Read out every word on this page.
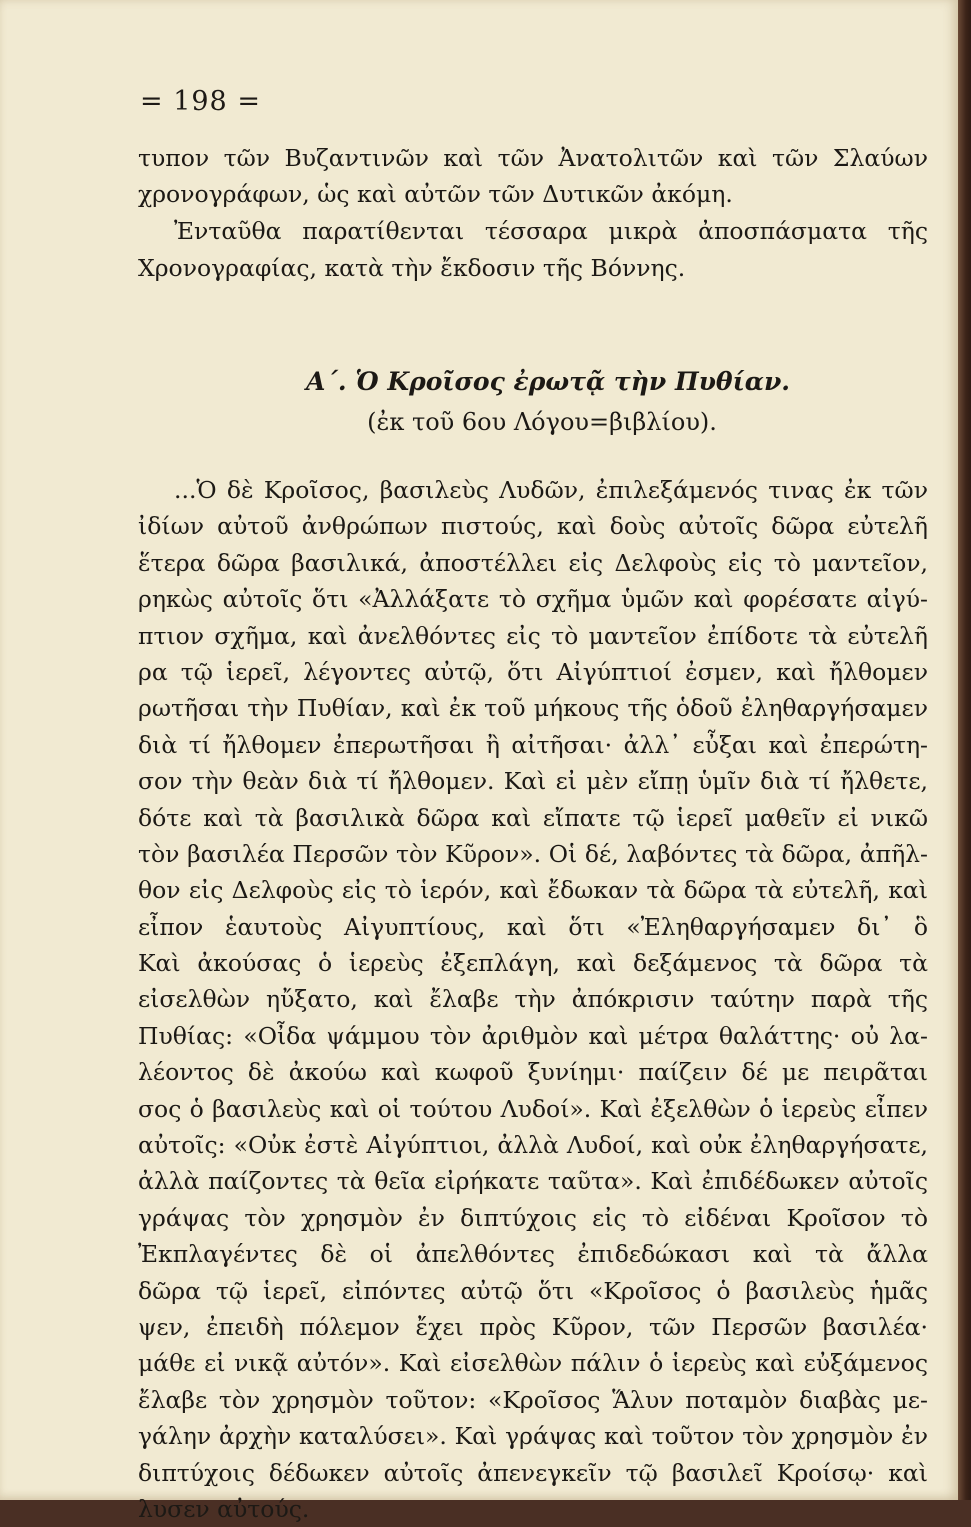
= 198 =
τυπον τῶν Βυζαντινῶν καὶ τῶν Ἀνατολιτῶν καὶ τῶν Σλαύων
χρονογράφων, ὡς καὶ αὐτῶν τῶν Δυτικῶν ἀκόμη.
Ἐνταῦθα παρατίθενται τέσσαρα μικρὰ ἀποσπάσματα τῆς
Χρονογραφίας, κατὰ τὴν ἔκδοσιν τῆς Βόννης.
Α΄. Ὁ Κροῖσος ἐρωτᾷ τὴν Πυθίαν.
(ἐκ τοῦ 6ου Λόγου=βιβλίου).
...Ὁ δὲ Κροῖσος, βασιλεὺς Λυδῶν, ἐπιλεξάμενός τινας ἐκ τῶν
ἰδίων αὐτοῦ ἀνθρώπων πιστούς, καὶ δοὺς αὐτοῖς δῶρα εὐτελῆ
ἕτερα δῶρα βασιλικά, ἀποστέλλει εἰς Δελφοὺς εἰς τὸ μαντεῖον,
ρηκὼς αὐτοῖς ὅτι «Ἀλλάξατε τὸ σχῆμα ὑμῶν καὶ φορέσατε αἰγύ-
πτιον σχῆμα, καὶ ἀνελθόντες εἰς τὸ μαντεῖον ἐπίδοτε τὰ εὐτελῆ
ρα τῷ ἱερεῖ, λέγοντες αὐτῷ, ὅτι Αἰγύπτιοί ἐσμεν, καὶ ἤλθομεν
ρωτῆσαι τὴν Πυθίαν, καὶ ἐκ τοῦ μήκους τῆς ὁδοῦ ἐληθαργήσαμεν
διὰ τί ἤλθομεν ἐπερωτῆσαι ἢ αἰτῆσαι· ἀλλ᾽ εὖξαι καὶ ἐπερώτη-
σον τὴν θεὰν διὰ τί ἤλθομεν. Καὶ εἰ μὲν εἴπῃ ὑμῖν διὰ τί ἤλθετε,
δότε καὶ τὰ βασιλικὰ δῶρα καὶ εἴπατε τῷ ἱερεῖ μαθεῖν εἰ νικῶ
τὸν βασιλέα Περσῶν τὸν Κῦρον». Οἱ δέ, λαβόντες τὰ δῶρα, ἀπῆλ-
θον εἰς Δελφοὺς εἰς τὸ ἱερόν, καὶ ἔδωκαν τὰ δῶρα τὰ εὐτελῆ, καὶ
εἶπον ἑαυτοὺς Αἰγυπτίους, καὶ ὅτι «Ἐληθαργήσαμεν δι᾽ ὃ
Καὶ ἀκούσας ὁ ἱερεὺς ἐξεπλάγη, καὶ δεξάμενος τὰ δῶρα τὰ
εἰσελθὼν ηὔξατο, καὶ ἔλαβε τὴν ἀπόκρισιν ταύτην παρὰ τῆς
Πυθίας: «Οἶδα ψάμμου τὸν ἀριθμὸν καὶ μέτρα θαλάττης· οὐ λα-
λέοντος δὲ ἀκούω καὶ κωφοῦ ξυνίημι· παίζειν δέ με πειρᾶται
σος ὁ βασιλεὺς καὶ οἱ τούτου Λυδοί». Καὶ ἐξελθὼν ὁ ἱερεὺς εἶπεν
αὐτοῖς: «Οὐκ ἐστὲ Αἰγύπτιοι, ἀλλὰ Λυδοί, καὶ οὐκ ἐληθαργήσατε,
ἀλλὰ παίζοντες τὰ θεῖα εἰρήκατε ταῦτα». Καὶ ἐπιδέδωκεν αὐτοῖς
γράψας τὸν χρησμὸν ἐν διπτύχοις εἰς τὸ εἰδέναι Κροῖσον τὸ
Ἐκπλαγέντες δὲ οἱ ἀπελθόντες ἐπιδεδώκασι καὶ τὰ ἄλλα
δῶρα τῷ ἱερεῖ, εἰπόντες αὐτῷ ὅτι «Κροῖσος ὁ βασιλεὺς ἡμᾶς
ψεν, ἐπειδὴ πόλεμον ἔχει πρὸς Κῦρον, τῶν Περσῶν βασιλέα·
μάθε εἰ νικᾷ αὐτόν». Καὶ εἰσελθὼν πάλιν ὁ ἱερεὺς καὶ εὐξάμενος
ἔλαβε τὸν χρησμὸν τοῦτον: «Κροῖσος Ἅλυν ποταμὸν διαβὰς με-
γάλην ἀρχὴν καταλύσει». Καὶ γράψας καὶ τοῦτον τὸν χρησμὸν ἐν
διπτύχοις δέδωκεν αὐτοῖς ἀπενεγκεῖν τῷ βασιλεῖ Κροίσῳ· καὶ
λυσεν αὐτούς.
